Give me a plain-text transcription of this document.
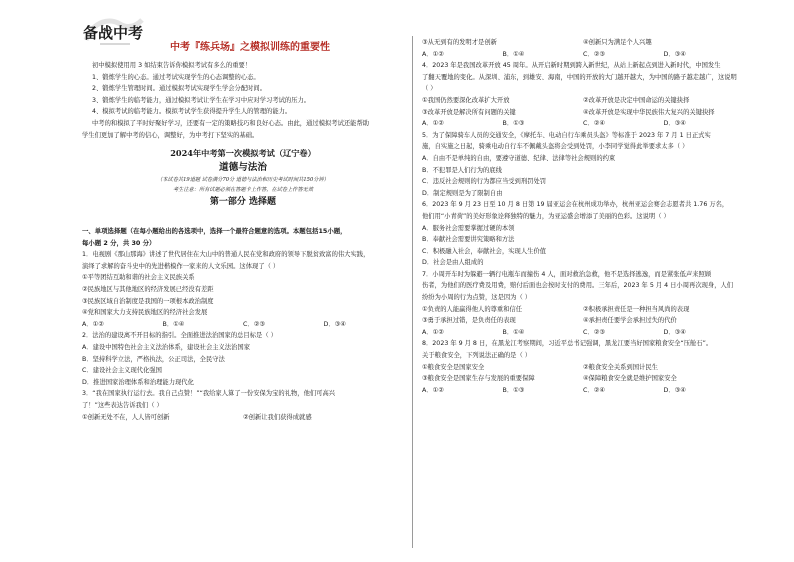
备战中考
中考『练兵场』之模拟训练的重要性
初中模拟使用用 3 如结束告诉你模拟考试有多么的重要！
1、锻炼学生的心态。通过考试实现学生的心态调整的心态。
2、锻炼学生管理时间。通过模拟考试实现学生学会分配时间。
3、锻炼学生的临考能力，通过模拟考试让学生在学习中应对学习考试的压力。
4、模拟考试的临考能力。模拟考试学生获得提升学生人的管理的能力。
中考的和模拟了平时好聚好学习，还要有一定的策略技巧和良好心态。由此，通过模拟考试还能帮助
学生们更加了解中考的信心，调整好，为中考打下坚实的基础。
2024年中考第一次模拟考试（辽宁卷）
道德与法治
（本试卷共19道题 试卷满分70分 道德与法治和历史考试时间共150分钟）
考生注意：所有试题必须在答题卡上作答，在试卷上作答无效
第一部分 选择题
一、单项选择题（在每小题给出的各选项中，选择一个最符合题意的选项。本题包括15小题，
每小题 2 分，共 30 分）
1．电视剧《那山那海》讲述了世代居住在大山中的普通人民在党和政府的领导下脱贫致富的伟大实践，
演绎了求解的奋斗史中的先进楷模作一家来的人文乐园。这体现了（ ）
①平等团结互助和谐的社会主义民族关系
②民族地区与其他地区的经济发展已经没有差距
③民族区域自治制度是我国的一项根本政治制度
④党和国家大力支持民族地区的经济社会发展
A．①②	B．①④	C．②③	D．③④
2．法治的建设离不开目标的指引。全面推进法治国家的总目标是（ ）
A．建设中国特色社会主义法治体系，建设社会主义法治国家
B．坚持科学立法，严格执法，公正司法，全民守法
C．建设社会主义现代化强国
D．推进国家治理体系和治理能力现代化
3．“我在国家执行运行去。我自己点赞！”“我给家人算了一份安保为宝的礼物，他们可高兴
了！”这些表达告诉我们（ ）
①创新无处不在，人人皆可创新	②创新让我们获得成就感
③从无到有的发明才是创新	④创新只为满足个人兴趣
A．①②	B．①④	C．②③	D．③④
4．2023 年是我国改革开放 45 周年。从开启新时期到跨入新世纪，从站上新起点到进入新时代，中国发生
了翻天覆地的变化。从深圳、浦东，到雄安、海南，中国的开放的大门越开越大，为中国的路子越走越广，这说明
（ ）
①我国仍然要深化改革扩大开放	②改革开放是决定中国命运的关键抉择
③改革开放是解决所有问题的关键	④改革开放是实现中华民族伟大复兴的关键抉择
A．①②	B．①③	C．②④	D．③④
5．为了保障骑车人员的交通安全，《摩托车、电动自行车乘员头盔》等标准于 2023 年 7 月 1 日正式实
施，自实施之日起，骑乘电动自行车不佩戴头盔将会受到处罚，小李同学觉得此举要求太多（ ）
A．自由不是单纯的自由，要遵守道德、纪律、法律等社会规则的约束
B．不犯罪是人们行为的底线
C．违反社会规则的行为都应当受到刑罚处罚
D．制定规则是为了限制自由
6．2023 年 9 月 23 日至 10 月 8 日第 19 届亚运会在杭州成功举办，杭州亚运会赛会志愿者共 1.76 万名，
他们用“小青荷”的美好形象诠释独特的魅力，为亚运盛会增添了美丽的色彩。这说明（ ）
A．服务社会需要掌握过硬的本领
B．奉献社会需要讲究策略和方法
C．积极融入社会，奉献社会，实现人生价值
D．社会是由人组成的
7．小周开车时为躲避一辆行电瓶车而撞伤 4 人，面对救治急救，他不是选择逃逸，而是紧张低声来照顾
伤者，为他们的医疗费及用费，赔付后面也会按时支付的费用。三年后，2023 年 5 月 4 日小周再次现身，人们
纷纷为小周的行为点赞，这是因为（ ）
①负责的人能赢得他人的尊重和信任	②积极承担责任是一种担当风尚的表现
③勇于承担过错，是负责任的表现	④承担责任要学会承担过失的代价
A．①②	B．①④	C．②③	D．③④
8．2023 年 9 月 8 日，在黑龙江考察期间，习近平总书记强调，黑龙江要当好国家粮食安全“压舱石”。
关于粮食安全，下列说法正确的是（ ）
①粮食安全是国家安全	②粮食安全关系到国计民生
③粮食安全是国家生存与发展的重要保障	④保障粮食安全就是维护国家安全
A．①②	B．①③	C．②④	D．③④
